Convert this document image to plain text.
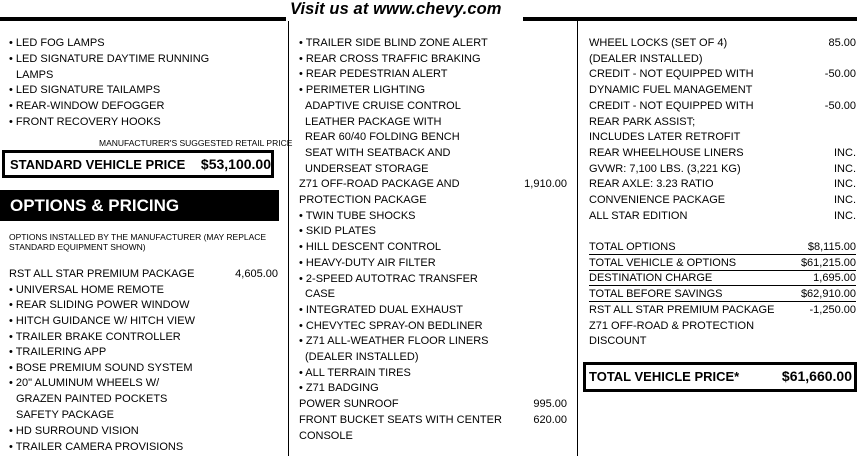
Visit us at www.chevy.com
• LED FOG LAMPS
• LED SIGNATURE DAYTIME RUNNING
LAMPS
• LED SIGNATURE TAILAMPS
• REAR-WINDOW DEFOGGER
• FRONT RECOVERY HOOKS
MANUFACTURER'S SUGGESTED RETAIL PRICE
STANDARD VEHICLE PRICE $53,100.00
OPTIONS & PRICING
OPTIONS INSTALLED BY THE MANUFACTURER (MAY REPLACE
STANDARD EQUIPMENT SHOWN)
RST ALL STAR PREMIUM PACKAGE	4,605.00
• UNIVERSAL HOME REMOTE
• REAR SLIDING POWER WINDOW
• HITCH GUIDANCE W/ HITCH VIEW
• TRAILER BRAKE CONTROLLER
• TRAILERING APP
• BOSE PREMIUM SOUND SYSTEM
• 20" ALUMINUM WHEELS W/
GRAZEN PAINTED POCKETS
SAFETY PACKAGE
• HD SURROUND VISION
• TRAILER CAMERA PROVISIONS
• TRAILER SIDE BLIND ZONE ALERT
• REAR CROSS TRAFFIC BRAKING
• REAR PEDESTRIAN ALERT
• PERIMETER LIGHTING
ADAPTIVE CRUISE CONTROL
LEATHER PACKAGE WITH
REAR 60/40 FOLDING BENCH
SEAT WITH SEATBACK AND
UNDERSEAT STORAGE
Z71 OFF-ROAD PACKAGE AND	1,910.00
PROTECTION PACKAGE
• TWIN TUBE SHOCKS
• SKID PLATES
• HILL DESCENT CONTROL
• HEAVY-DUTY AIR FILTER
• 2-SPEED AUTOTRAC TRANSFER
CASE
• INTEGRATED DUAL EXHAUST
• CHEVYTEC SPRAY-ON BEDLINER
• Z71 ALL-WEATHER FLOOR LINERS
(DEALER INSTALLED)
• ALL TERRAIN TIRES
• Z71 BADGING
POWER SUNROOF	995.00
FRONT BUCKET SEATS WITH CENTER	620.00
CONSOLE
WHEEL LOCKS (SET OF 4)	85.00
(DEALER INSTALLED)
CREDIT - NOT EQUIPPED WITH	-50.00
DYNAMIC FUEL MANAGEMENT
CREDIT - NOT EQUIPPED WITH	-50.00
REAR PARK ASSIST;
INCLUDES LATER RETROFIT
REAR WHEELHOUSE LINERS	INC.
GVWR: 7,100 LBS. (3,221 KG)	INC.
REAR AXLE: 3.23 RATIO	INC.
CONVENIENCE PACKAGE	INC.
ALL STAR EDITION	INC.
TOTAL OPTIONS	$8,115.00
TOTAL VEHICLE & OPTIONS	$61,215.00
DESTINATION CHARGE	1,695.00
TOTAL BEFORE SAVINGS	$62,910.00
RST ALL STAR PREMIUM PACKAGE	-1,250.00
Z71 OFF-ROAD & PROTECTION
DISCOUNT
TOTAL VEHICLE PRICE*	$61,660.00
